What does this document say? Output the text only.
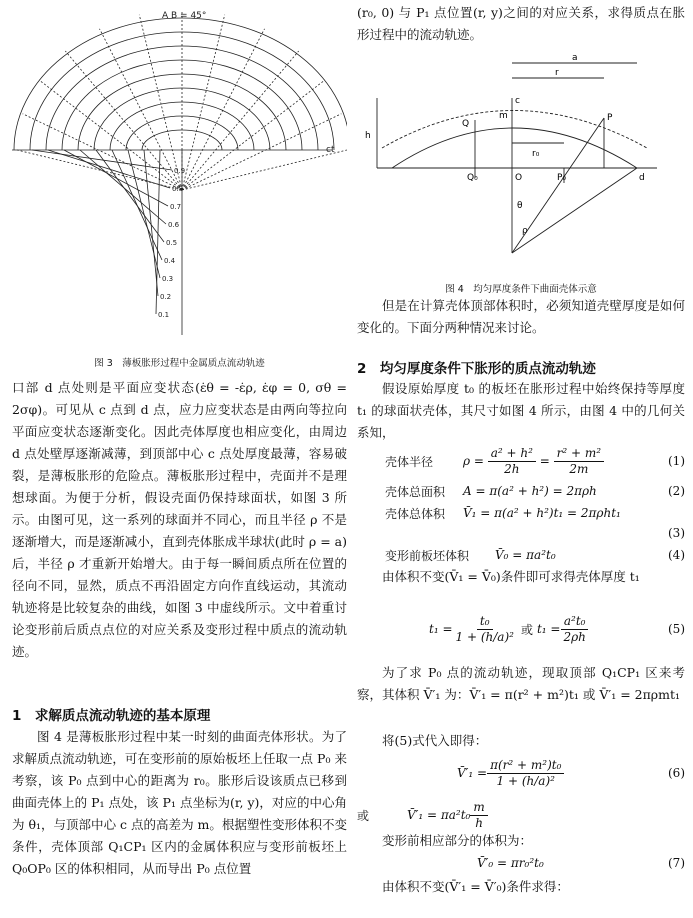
0.9
0.8
0.7
0.6
0.5
0.4
0.3
0.2
0.1
A B = 45°
ct

图 3　薄板胀形过程中金属质点流动轨迹

口部 d 点处则是平面应变状态(ε̇θ = -ε̇ρ, ε̇φ = 0, σθ = 2σφ)。可见从 c 点到 d 点，应力应变状态是由两向等拉向平面应变状态逐渐变化。因此壳体厚度也相应变化，由周边 d 点处壁厚逐渐减薄，到顶部中心 c 点处厚度最薄，容易破裂，是薄板胀形的危险点。薄板胀形过程中，壳面并不是理想球面。为便于分析，假设壳面仍保持球面状，如图 3 所示。由图可见，这一系列的球面并不同心，而且半径 ρ 不是逐渐增大，而是逐渐减小，直到壳体胀成半球状(此时 ρ = a)后，半径 ρ 才重新开始增大。由于每一瞬间质点所在位置的径向不同，显然，质点不再沿固定方向作直线运动，其流动轨迹将是比较复杂的曲线，如图 3 中虚线所示。文中着重讨论变形前后质点点位的对应关系及变形过程中质点的流动轨迹。

1　求解质点流动轨迹的基本原理

图 4 是薄板胀形过程中某一时刻的曲面壳体形状。为了求解质点流动轨迹，可在变形前的原始板坯上任取一点 P₀ 来考察，该 P₀ 点到中心的距离为 r₀。胀形后设该质点已移到曲面壳体上的 P₁ 点处，该 P₁ 点坐标为(r, y)，对应的中心角为 θ₁，与顶部中心 c 点的高差为 m。根据塑性变形体积不变条件，壳体顶部 Q₁CP₁ 区内的金属体积应与变形前板坯上 Q₀OP₀ 区的体积相同，从而导出 P₀ 点位置

(r₀, 0) 与 P₁ 点位置(r, y)之间的对应关系，求得质点在胀形过程中的流动轨迹。

a
r
h
m
c
P
Q
d
P₀
Q₀	O
r₀
θ
ρ

图 4　均匀厚度条件下曲面壳体示意

但是在计算壳体顶部体积时，必须知道壳壁厚度是如何变化的。下面分两种情况来讨论。

2　均匀厚度条件下胀形的质点流动轨迹

假设原始厚度 t₀ 的板坯在胀形过程中始终保持等厚度 t₁ 的球面状壳体，其尺寸如图 4 所示，由图 4 中的几何关系知，

壳体半径	$\rho = \frac{\text{a² + h²}}{2h} = \frac{\text{r² + m²}}{2m}$	(1)
壳体总面积	A = π(a² + h²) = 2πρh	(2)
壳体总体积	V̄₁ = π(a² + h²)t₁ = 2πρht₁
(3)
变形前板坯体积	V̄₀ = πa²t₀	(4)

由体积不变(V̄₁ = V̄₀)条件即可求得壳体厚度 t₁

$t_1 = \frac{\text{t₀}}{\text{1 + (h/a)²}}$ 或 $t_1 = \frac{\text{a²t₀}}{2\rho h}$	(5)

为了求 P₀ 点的流动轨迹，现取顶部 Q₁CP₁ 区来考察，其体积 V̄′₁ 为：V̄′₁ = π(r² + m²)t₁ 或 V̄′₁ = 2πρmt₁

将(5)式代入即得：

V̄′₁ = $\frac{\text{π(r² + m²)t₀}}{\text{1 + (h/a)²}}$	(6)
或	V̄′₁ = $\pi a^2t_0 \frac{m}{h}$

变形前相应部分的体积为：

V̄′₀ = πr₀²t₀	(7)

由体积不变(V̄′₁ = V̄′₀)条件求得：
